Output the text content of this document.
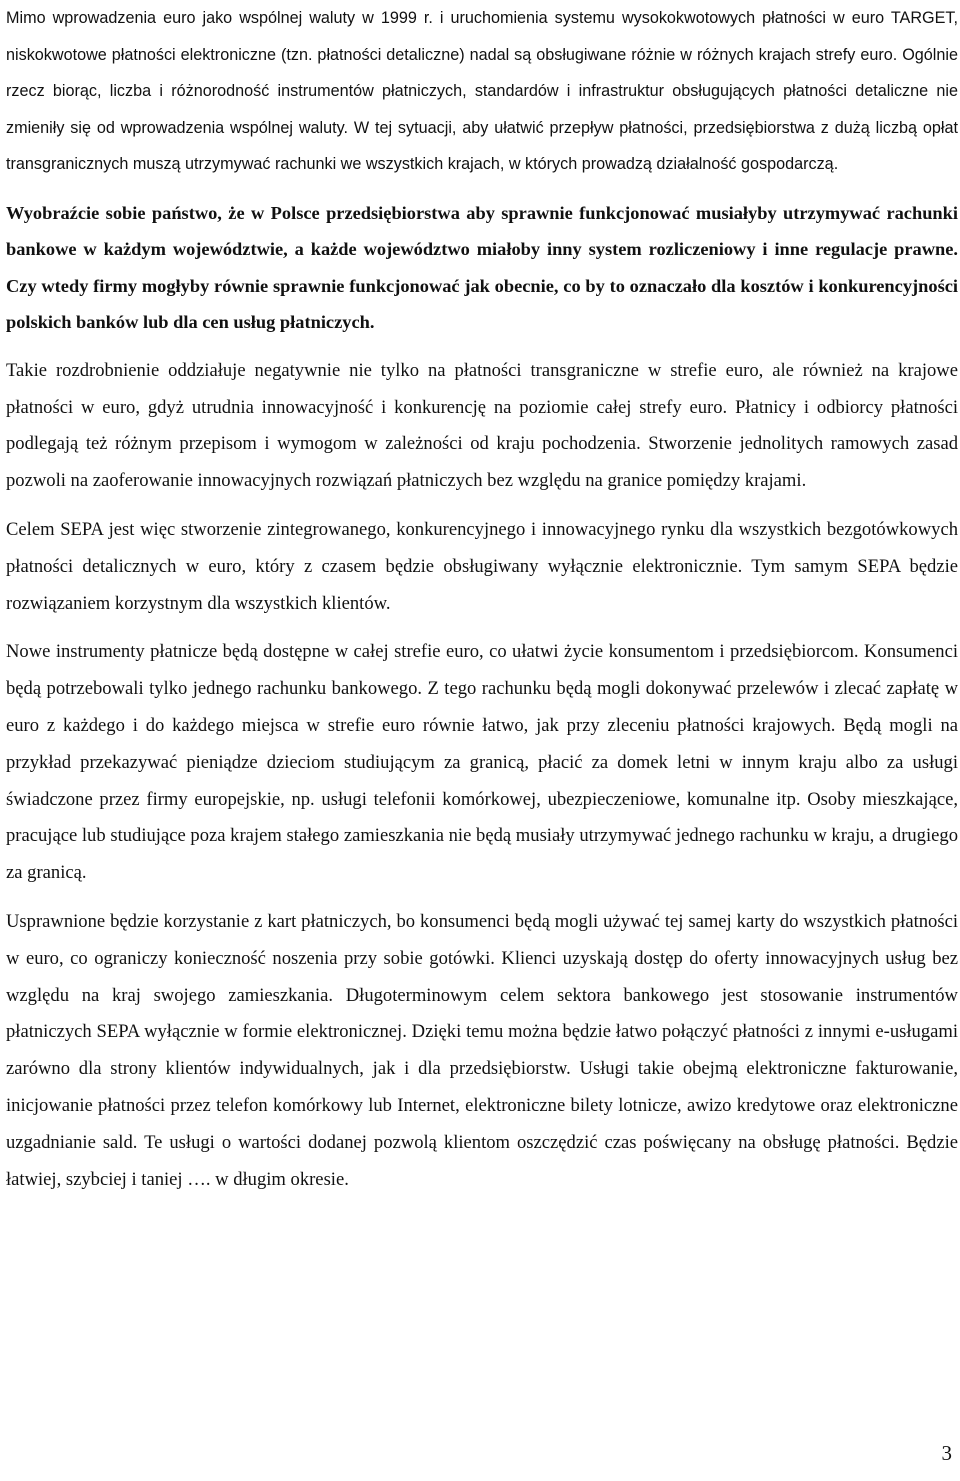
Mimo wprowadzenia euro jako wspólnej waluty w 1999 r. i uruchomienia systemu wysokokwotowych płatności w euro TARGET, niskokwotowe płatności elektroniczne (tzn. płatności detaliczne) nadal są obsługiwane różnie w różnych krajach strefy euro. Ogólnie rzecz biorąc, liczba i różnorodność instrumentów płatniczych, standardów i infrastruktur obsługujących płatności detaliczne nie zmieniły się od wprowadzenia wspólnej waluty. W tej sytuacji, aby ułatwić przepływ płatności, przedsiębiorstwa z dużą liczbą opłat transgranicznych muszą utrzymywać rachunki we wszystkich krajach, w których prowadzą działalność gospodarczą.

Wyobraźcie sobie państwo, że w Polsce przedsiębiorstwa aby sprawnie funkcjonować musiałyby utrzymywać rachunki bankowe w każdym województwie, a każde województwo miałoby inny system rozliczeniowy i inne regulacje prawne. Czy wtedy firmy mogłyby równie sprawnie funkcjonować jak obecnie, co by to oznaczało dla kosztów i konkurencyjności polskich banków lub dla cen usług płatniczych.

Takie rozdrobnienie oddziałuje negatywnie nie tylko na płatności transgraniczne w strefie euro, ale również na krajowe płatności w euro, gdyż utrudnia innowacyjność i konkurencję na poziomie całej strefy euro. Płatnicy i odbiorcy płatności podlegają też różnym przepisom i wymogom w zależności od kraju pochodzenia. Stworzenie jednolitych ramowych zasad pozwoli na zaoferowanie innowacyjnych rozwiązań płatniczych bez względu na granice pomiędzy krajami.

Celem SEPA jest więc stworzenie zintegrowanego, konkurencyjnego i innowacyjnego rynku dla wszystkich bezgotówkowych płatności detalicznych w euro, który z czasem będzie obsługiwany wyłącznie elektronicznie. Tym samym SEPA będzie rozwiązaniem korzystnym dla wszystkich klientów.

Nowe instrumenty płatnicze będą dostępne w całej strefie euro, co ułatwi życie konsumentom i przedsiębiorcom. Konsumenci będą potrzebowali tylko jednego rachunku bankowego. Z tego rachunku będą mogli dokonywać przelewów i zlecać zapłatę w euro z każdego i do każdego miejsca w strefie euro równie łatwo, jak przy zleceniu płatności krajowych. Będą mogli na przykład przekazywać pieniądze dzieciom studiującym za granicą, płacić za domek letni w innym kraju albo za usługi świadczone przez firmy europejskie, np. usługi telefonii komórkowej, ubezpieczeniowe, komunalne itp. Osoby mieszkające, pracujące lub studiujące poza krajem stałego zamieszkania nie będą musiały utrzymywać jednego rachunku w kraju, a drugiego za granicą.

Usprawnione będzie korzystanie z kart płatniczych, bo konsumenci będą mogli używać tej samej karty do wszystkich płatności w euro, co ograniczy konieczność noszenia przy sobie gotówki. Klienci uzyskają dostęp do oferty innowacyjnych usług bez względu na kraj swojego zamieszkania. Długoterminowym celem sektora bankowego jest stosowanie instrumentów płatniczych SEPA wyłącznie w formie elektronicznej. Dzięki temu można będzie łatwo połączyć płatności z innymi e-usługami zarówno dla strony klientów indywidualnych, jak i dla przedsiębiorstw. Usługi takie obejmą elektroniczne fakturowanie, inicjowanie płatności przez telefon komórkowy lub Internet, elektroniczne bilety lotnicze, awizo kredytowe oraz elektroniczne uzgadnianie sald. Te usługi o wartości dodanej pozwolą klientom oszczędzić czas poświęcany na obsługę płatności. Będzie łatwiej, szybciej i taniej …. w długim okresie.

3
